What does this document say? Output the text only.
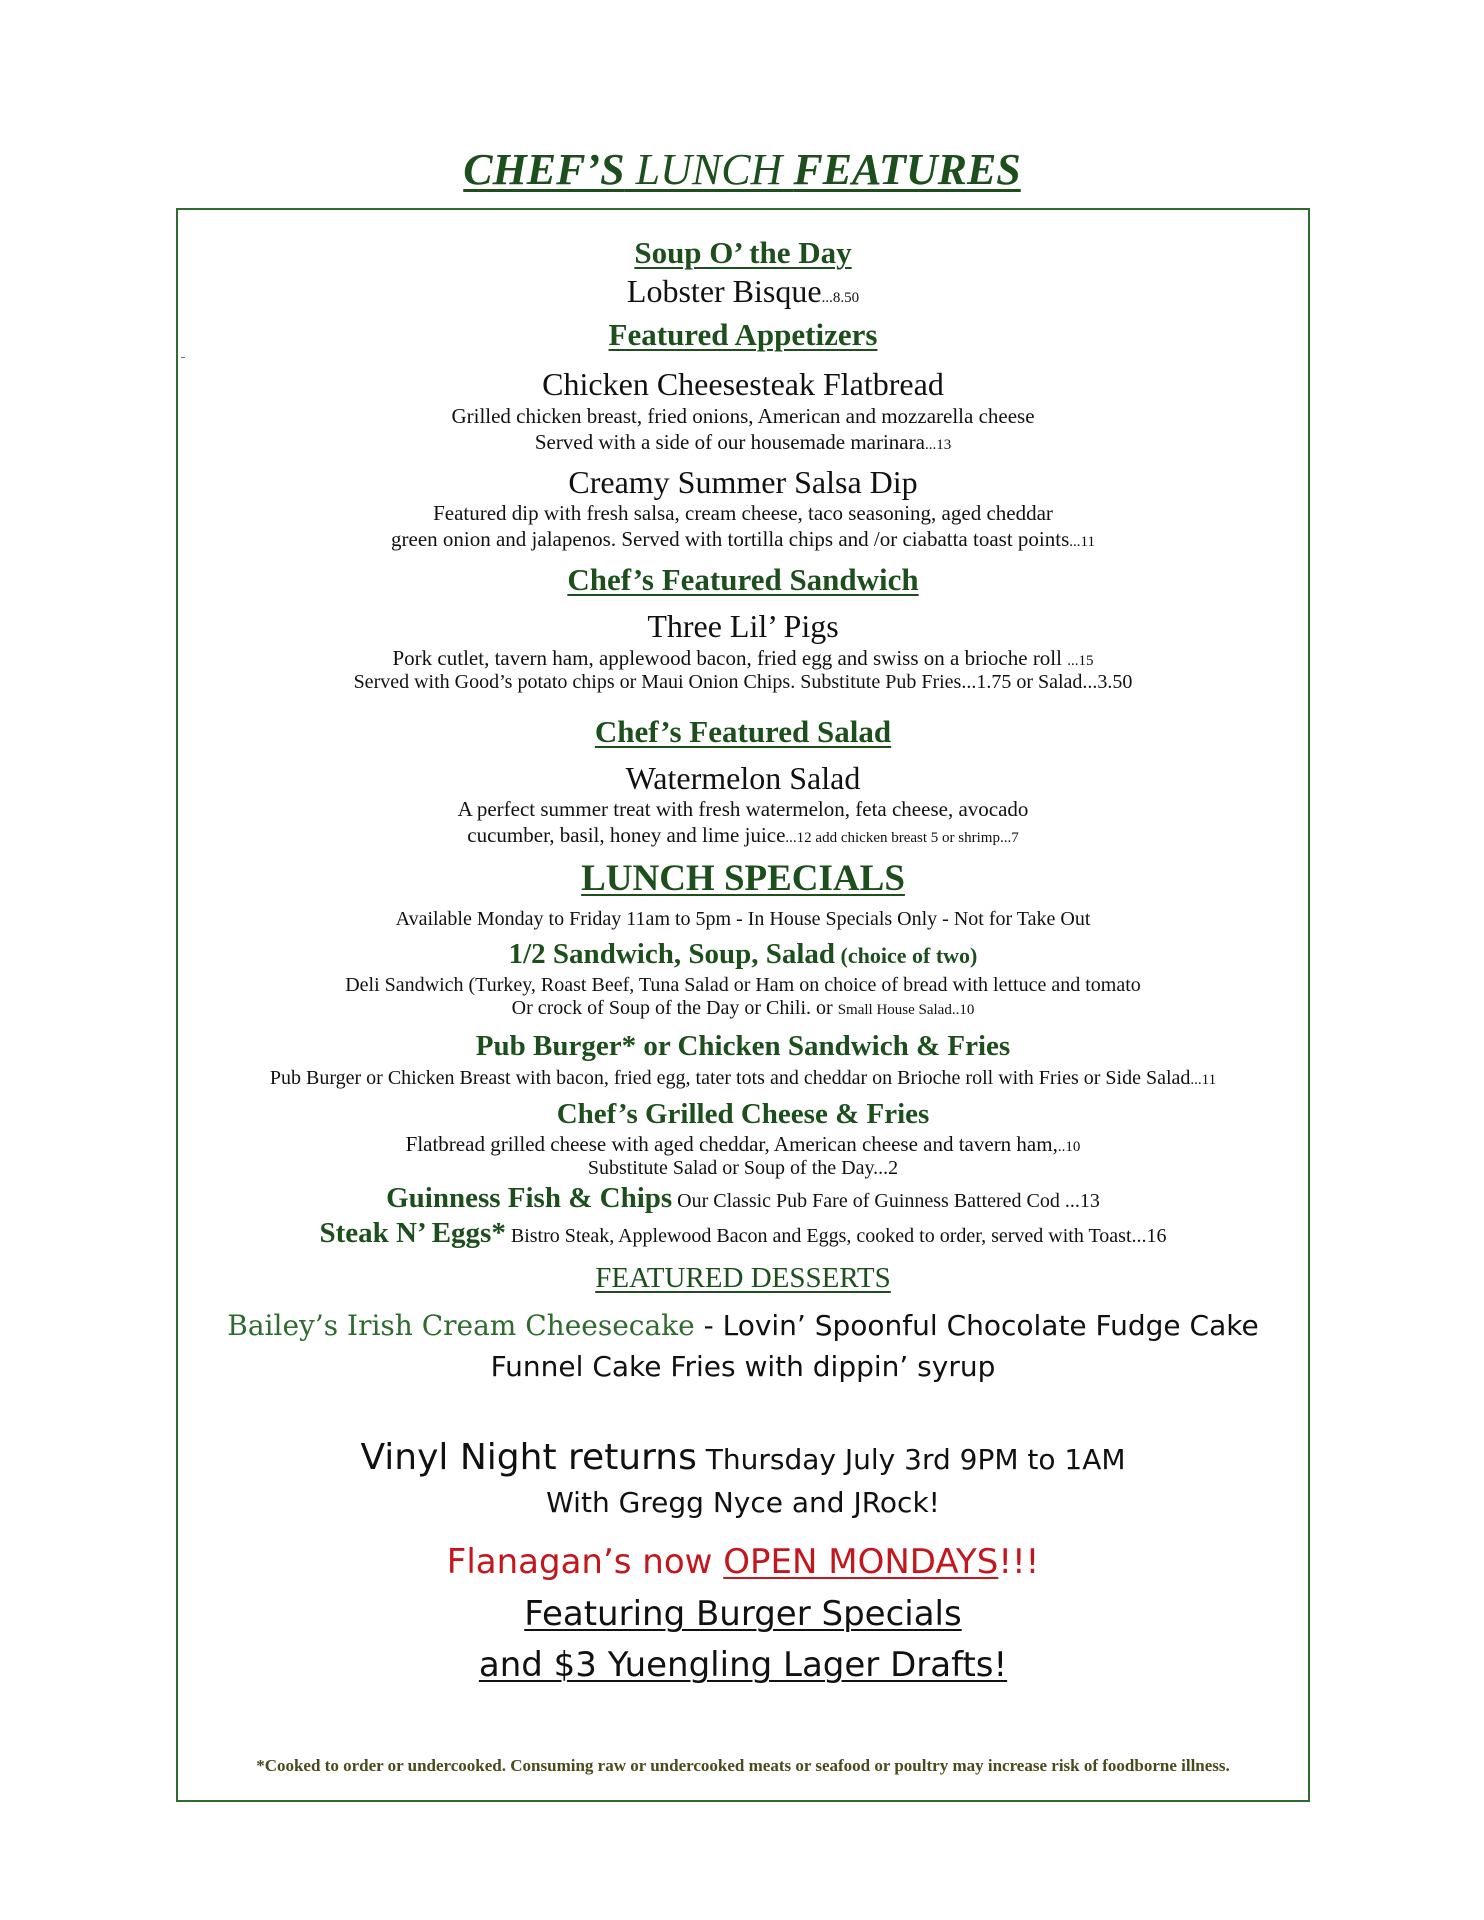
CHEF’S LUNCH FEATURES
Soup O’ the Day
Lobster Bisque...8.50
Featured Appetizers
Chicken Cheesesteak Flatbread
Grilled chicken breast, fried onions, American and mozzarella cheese
Served with a side of our housemade marinara...13
Creamy Summer Salsa Dip
Featured dip with fresh salsa, cream cheese, taco seasoning, aged cheddar
green onion and jalapenos. Served with tortilla chips and /or ciabatta toast points...11
Chef’s Featured Sandwich
Three Lil’ Pigs
Pork cutlet, tavern ham, applewood bacon, fried egg and swiss on a brioche roll ...15
Served with Good’s potato chips or Maui Onion Chips. Substitute Pub Fries...1.75 or Salad...3.50
Chef’s Featured Salad
Watermelon Salad
A perfect summer treat with fresh watermelon, feta cheese, avocado
cucumber, basil, honey and lime juice...12 add chicken breast 5 or shrimp...7
LUNCH SPECIALS
Available Monday to Friday 11am to 5pm - In House Specials Only - Not for Take Out
1/2 Sandwich, Soup, Salad (choice of two)
Deli Sandwich (Turkey, Roast Beef, Tuna Salad or Ham on choice of bread with lettuce and tomato
Or crock of Soup of the Day or Chili. or Small House Salad..10
Pub Burger* or Chicken Sandwich & Fries
Pub Burger or Chicken Breast with bacon, fried egg, tater tots and cheddar on Brioche roll with Fries or Side Salad...11
Chef’s Grilled Cheese & Fries
Flatbread grilled cheese with aged cheddar, American cheese and tavern ham,..10
Substitute Salad or Soup of the Day...2
Guinness Fish & Chips Our Classic Pub Fare of Guinness Battered Cod ...13
Steak N’ Eggs* Bistro Steak, Applewood Bacon and Eggs, cooked to order, served with Toast...16
FEATURED DESSERTS
Bailey’s Irish Cream Cheesecake - Lovin’ Spoonful Chocolate Fudge Cake
Funnel Cake Fries with dippin’ syrup
Vinyl Night returns Thursday July 3rd 9PM to 1AM
With Gregg Nyce and JRock!
Flanagan’s now OPEN MONDAYS!!!
Featuring Burger Specials
and $3 Yuengling Lager Drafts!
*Cooked to order or undercooked. Consuming raw or undercooked meats or seafood or poultry may increase risk of foodborne illness.
